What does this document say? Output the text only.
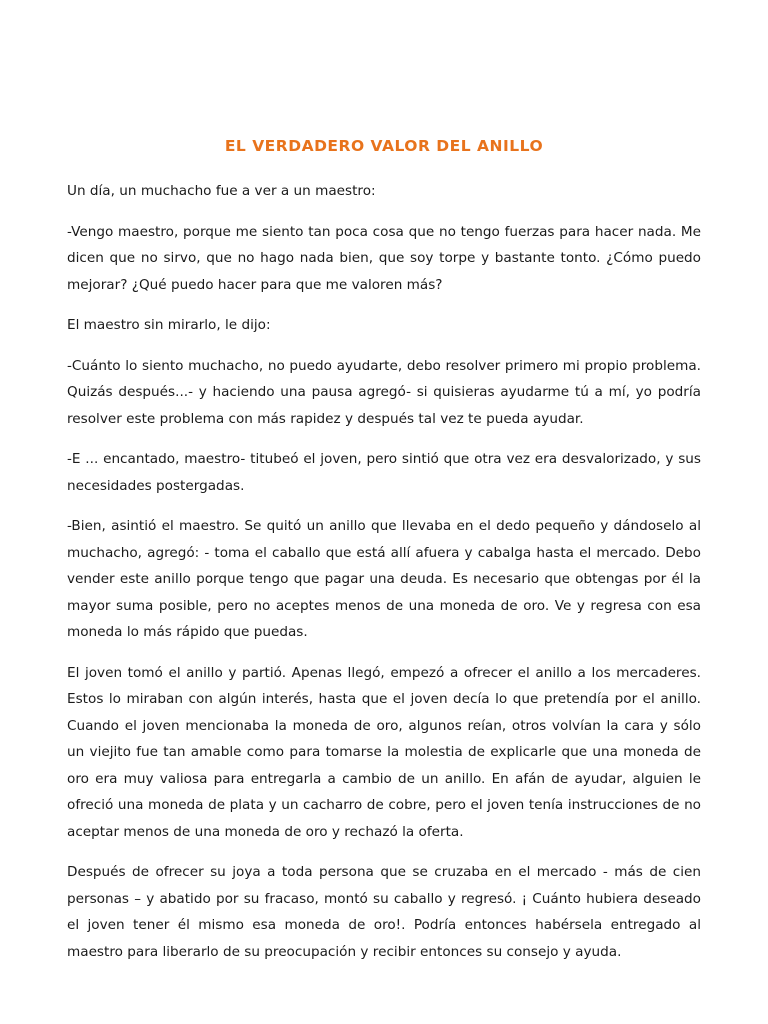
EL VERDADERO VALOR DEL ANILLO

Un día, un muchacho fue a ver a un maestro:

-Vengo maestro, porque me siento tan poca cosa que no tengo fuerzas para hacer nada. Me dicen que no sirvo, que no hago nada bien, que soy torpe y bastante tonto. ¿Cómo puedo mejorar? ¿Qué puedo hacer para que me valoren más?

El maestro sin mirarlo, le dijo:

-Cuánto lo siento muchacho, no puedo ayudarte, debo resolver primero mi propio problema. Quizás después...- y haciendo una pausa agregó- si quisieras ayudarme tú a mí, yo podría resolver este problema con más rapidez y después tal vez te pueda ayudar.

-E ... encantado, maestro- titubeó el joven, pero sintió que otra vez era desvalorizado, y sus necesidades postergadas.

-Bien, asintió el maestro. Se quitó un anillo que llevaba en el dedo pequeño y dándoselo al muchacho, agregó: - toma el caballo que está allí afuera y cabalga hasta el mercado. Debo vender este anillo porque tengo que pagar una deuda. Es necesario que obtengas por él la mayor suma posible, pero no aceptes menos de una moneda de oro. Ve y regresa con esa moneda lo más rápido que puedas.

El joven tomó el anillo y partió. Apenas llegó, empezó a ofrecer el anillo a los mercaderes. Estos lo miraban con algún interés, hasta que el joven decía lo que pretendía por el anillo. Cuando el joven mencionaba la moneda de oro, algunos reían, otros volvían la cara y sólo un viejito fue tan amable como para tomarse la molestia de explicarle que una moneda de oro era muy valiosa para entregarla a cambio de un anillo. En afán de ayudar, alguien le ofreció una moneda de plata y un cacharro de cobre, pero el joven tenía instrucciones de no aceptar menos de una moneda de oro y rechazó la oferta.

Después de ofrecer su joya a toda persona que se cruzaba en el mercado - más de cien personas – y abatido por su fracaso, montó su caballo y regresó. ¡ Cuánto hubiera deseado el joven tener él mismo esa moneda de oro!. Podría entonces habérsela entregado al maestro para liberarlo de su preocupación y recibir entonces su consejo y ayuda.
